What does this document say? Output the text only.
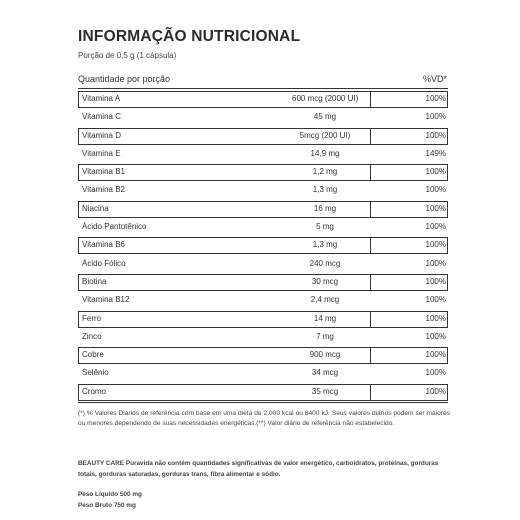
INFORMAÇÃO NUTRICIONAL
Porção de 0,5 g (1 cápsula)
Quantidade por porção	%VD*
Vitamina A	600 mcg (2000 UI)	100%
Vitamina C	45 mg	100%
Vitamina D	5mcg (200 UI)	100%
Vitamina E	14,9 mg	149%
Vitamina B1	1,2 mg	100%
Vitamina B2	1,3 mg	100%
Niacina	16 mg	100%
Ácido Pantotênico	5 mg	100%
Vitamina B6	1,3 mg	100%
Ácido Fólico	240 mcg	100%
Biotina	30 mcg	100%
Vitamina B12	2,4 mcg	100%
Ferro	14 mg	100%
Zinco	7 mg	100%
Cobre	900 mcg	100%
Selênio	34 mcg	100%
Cromo	35 mcg	100%
(*) % Valores Diários de referência com base em uma dieta de 2.000 kcal ou 8400 kJ. Seus valores diários podem ser maiores ou menores dependendo de suas necessidades energéticas.(**) Valor diário de referência não estabelecido.
BEAUTY CARE Puravida não contém quantidades significativas de valor energético, carboidratos, proteínas, gorduras totais, gorduras saturadas, gorduras trans, fibra alimentar e sódio.
Peso Líquido 500 mg
Peso Bruto 750 mg
